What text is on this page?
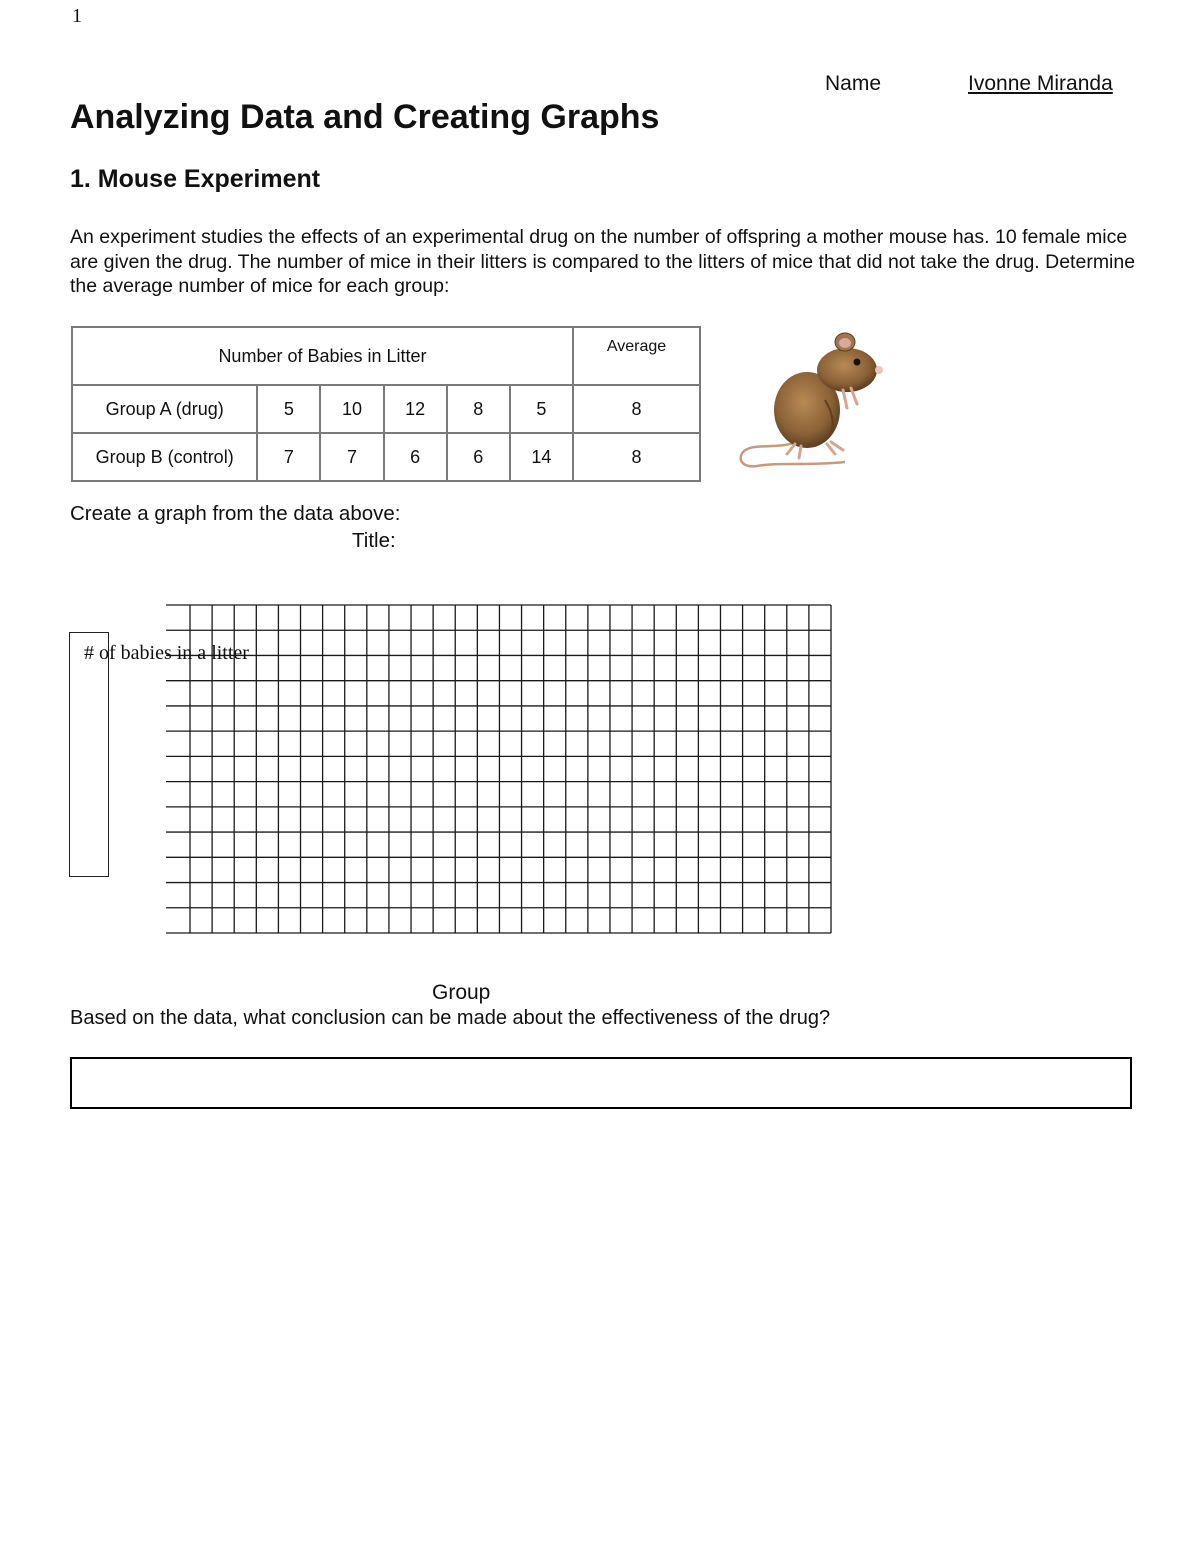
1
Name	Ivonne Miranda
Analyzing Data and Creating Graphs
1. Mouse Experiment

An experiment studies the effects of an experimental drug on the number of offspring a mother mouse has. 10 female mice are given the drug. The number of mice in their litters is compared to the litters of mice that did not take the drug. Determine the average number of mice for each group:

Number of Babies in Litter						Average
Group A (drug)	5	10	12	8	5	8
Group B (control)	7	7	6	6	14	8
Create a graph from the data above:
Title:
# of babies in a litter
Group
Based on the data, what conclusion can be made about the effectiveness of the drug?
